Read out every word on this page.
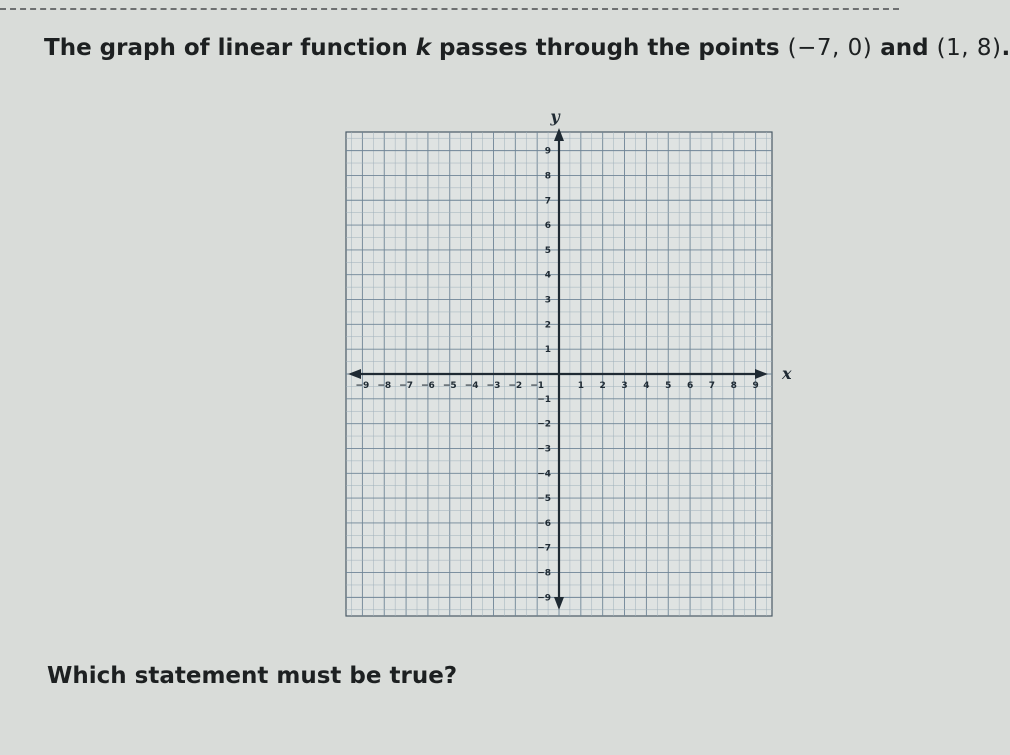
The graph of linear function k passes through the points (−7, 0) and (1, 8).
x
y
−9 −8 −7 −6 −5 −4 −3 −2 −1	1 2 3 4 5 6 7 8 9
9
8
7
6
5
4
3
2
1
−1
−2
−3
−4
−5
−6
−7
−8
−9
Which statement must be true?
